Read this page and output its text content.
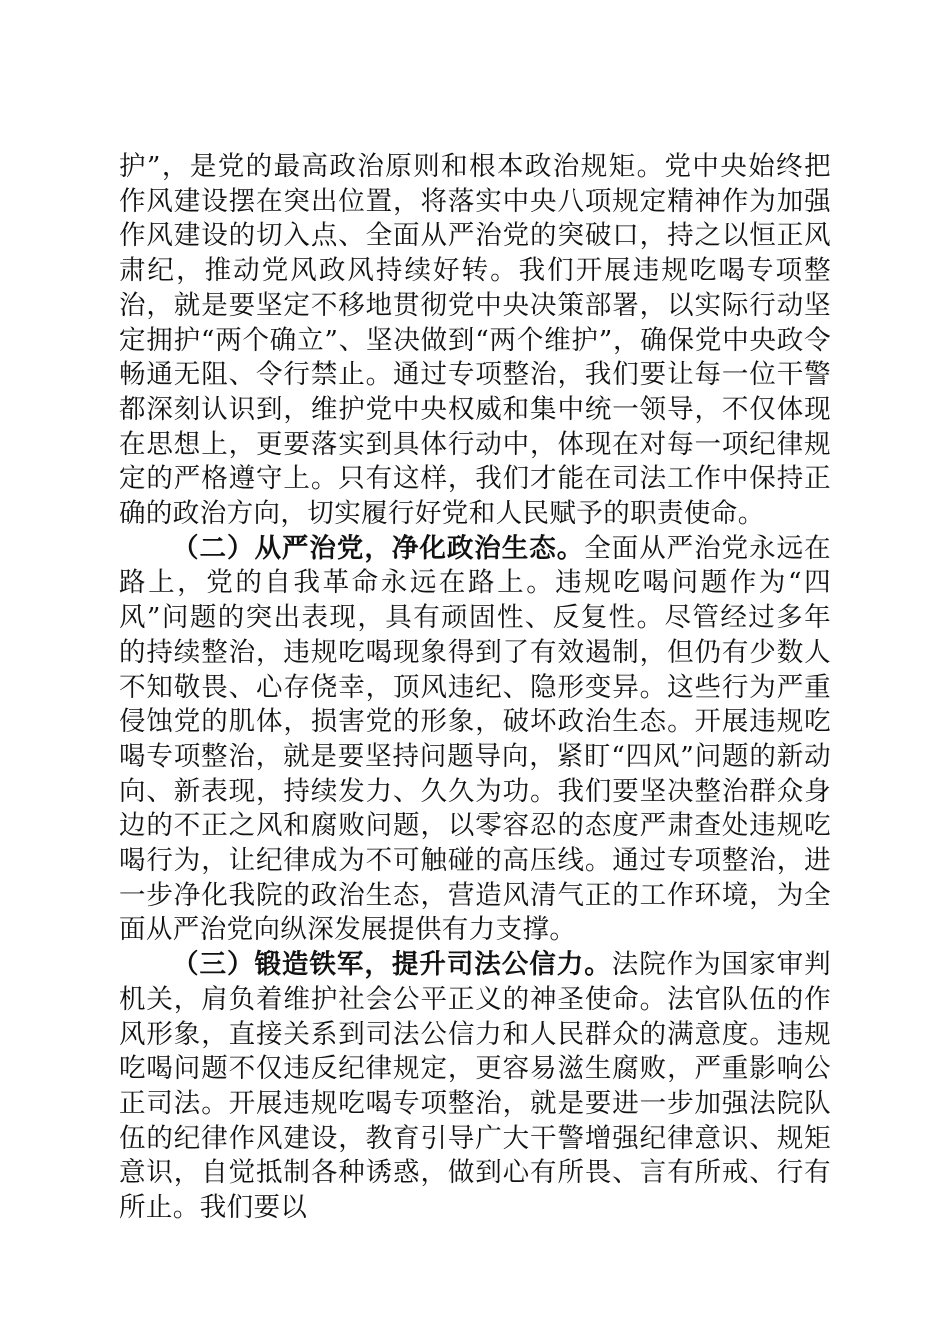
护”，是党的最高政治原则和根本政治规矩。党中央始终把作风建设摆在突出位置，将落实中央八项规定精神作为加强作风建设的切入点、全面从严治党的突破口，持之以恒正风肃纪，推动党风政风持续好转。我们开展违规吃喝专项整治，就是要坚定不移地贯彻党中央决策部署，以实际行动坚定拥护“两个确立”、坚决做到“两个维护”，确保党中央政令畅通无阻、令行禁止。通过专项整治，我们要让每一位干警都深刻认识到，维护党中央权威和集中统一领导，不仅体现在思想上，更要落实到具体行动中，体现在对每一项纪律规定的严格遵守上。只有这样，我们才能在司法工作中保持正确的政治方向，切实履行好党和人民赋予的职责使命。

（二）从严治党，净化政治生态。全面从严治党永远在路上，党的自我革命永远在路上。违规吃喝问题作为“四风”问题的突出表现，具有顽固性、反复性。尽管经过多年的持续整治，违规吃喝现象得到了有效遏制，但仍有少数人不知敬畏、心存侥幸，顶风违纪、隐形变异。这些行为严重侵蚀党的肌体，损害党的形象，破坏政治生态。开展违规吃喝专项整治，就是要坚持问题导向，紧盯“四风”问题的新动向、新表现，持续发力、久久为功。我们要坚决整治群众身边的不正之风和腐败问题，以零容忍的态度严肃查处违规吃喝行为，让纪律成为不可触碰的高压线。通过专项整治，进一步净化我院的政治生态，营造风清气正的工作环境，为全面从严治党向纵深发展提供有力支撑。

（三）锻造铁军，提升司法公信力。法院作为国家审判机关，肩负着维护社会公平正义的神圣使命。法官队伍的作风形象，直接关系到司法公信力和人民群众的满意度。违规吃喝问题不仅违反纪律规定，更容易滋生腐败，严重影响公正司法。开展违规吃喝专项整治，就是要进一步加强法院队伍的纪律作风建设，教育引导广大干警增强纪律意识、规矩意识，自觉抵制各种诱惑，做到心有所畏、言有所戒、行有所止。我们要以
